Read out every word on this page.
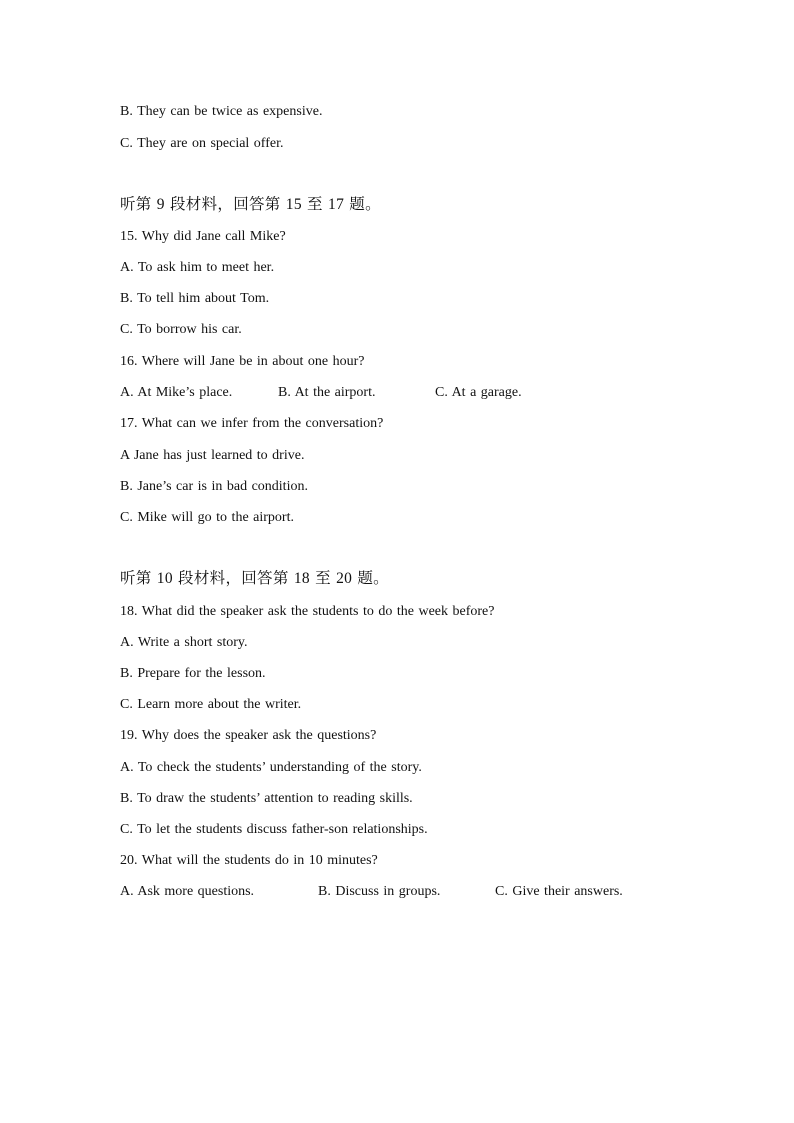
B. They can be twice as expensive.
C. They are on special offer.
听第 9 段材料，回答第 15 至 17 题。
15. Why did Jane call Mike?
A. To ask him to meet her.
B. To tell him about Tom.
C. To borrow his car.
16. Where will Jane be in about one hour?
A. At Mike’s place.	B. At the airport.	C. At a garage.
17. What can we infer from the conversation?
A Jane has just learned to drive.
B. Jane’s car is in bad condition.
C. Mike will go to the airport.
听第 10 段材料，回答第 18 至 20 题。
18. What did the speaker ask the students to do the week before?
A. Write a short story.
B. Prepare for the lesson.
C. Learn more about the writer.
19. Why does the speaker ask the questions?
A. To check the students’ understanding of the story.
B. To draw the students’ attention to reading skills.
C. To let the students discuss father-son relationships.
20. What will the students do in 10 minutes?
A. Ask more questions.	B. Discuss in groups.	C. Give their answers.
